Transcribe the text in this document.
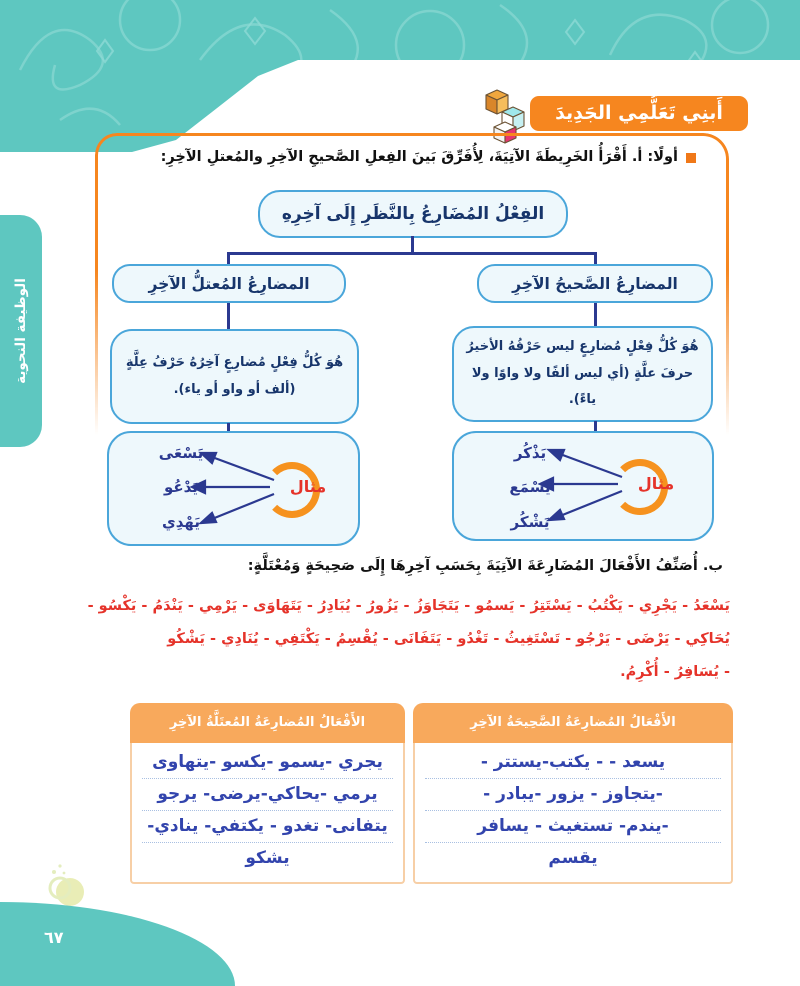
الوظيفة النحوية
أَبنِي تَعَلُّمِي الجَدِيدَ
أولًا: أ. أَقْرَأُ الخَرِيطَةَ الآتِيَةَ، لِأُفَرِّقَ بَينَ الفِعلِ الصَّحيحِ الآخِرِ والمُعتلِ الآخِرِ:
الفِعْلُ المُضَارِعُ بِالنَّظَرِ إِلَى آخِرِهِ
المضارِعُ الصَّحيحُ الآخِرِ
المضارِعُ المُعتلُّ الآخِرِ
هُوَ كُلُّ فِعْلٍ مُضارِعٍ ليس حَرْفُهُ الأخيرُ حرفَ علَّةٍ (أي ليس ألفًا ولا واوًا ولا ياءً).
هُوَ كُلُّ فِعْلٍ مُضارِعٍ آخِرُهُ حَرْفُ عِلَّةٍ (ألف أو واو أو ياء).
يَذْكُر
يَسْمَع
يَشْكُر
مثال
يَسْعَى
يَدْعُو
يَهْدِي
مثال
ب. أُصَنِّفُ الأَفْعَالَ المُضَارِعَةَ الآتِيَةَ بِحَسَبِ آخِرِهَا إِلَى صَحِيحَةٍ وَمُعْتَلَّةٍ:
يَسْعَدُ - يَجْرِي - يَكْتُبُ - يَسْتَتِرُ - يَسمُو - يَتَجَاوَزُ - يَزُورُ - يُبَادِرُ - يَتَهَاوَى - يَرْمِي - يَنْدَمُ - يَكْسُو -
يُحَاكِي - يَرْضَى - يَرْجُو - تَسْتَغِيثُ - تَغْدُو - يَتَفَانَى - يُقْسِمُ - يَكْتَفِي - يُنَادِي - يَشْكُو
- يُسَافِرُ - أُكْرِمُ.
الأَفْعَالُ المُضارِعَةُ الصَّحِيحَةُ الآخِرِ
يسعد - - يكتب-يستتر -
-يتجاوز - يزور -يبادر -
-يندم- تستغيث - يسافر
يقسم
الأَفْعَالُ المُضارِعَةُ المُعتَلَّةُ الآخِرِ
يجري -يسمو -يكسو -يتهاوى
يرمي -يحاكي-يرضى- يرجو
يتفانى- تغدو - يكتفي- ينادي-
يشكو
٦٧
